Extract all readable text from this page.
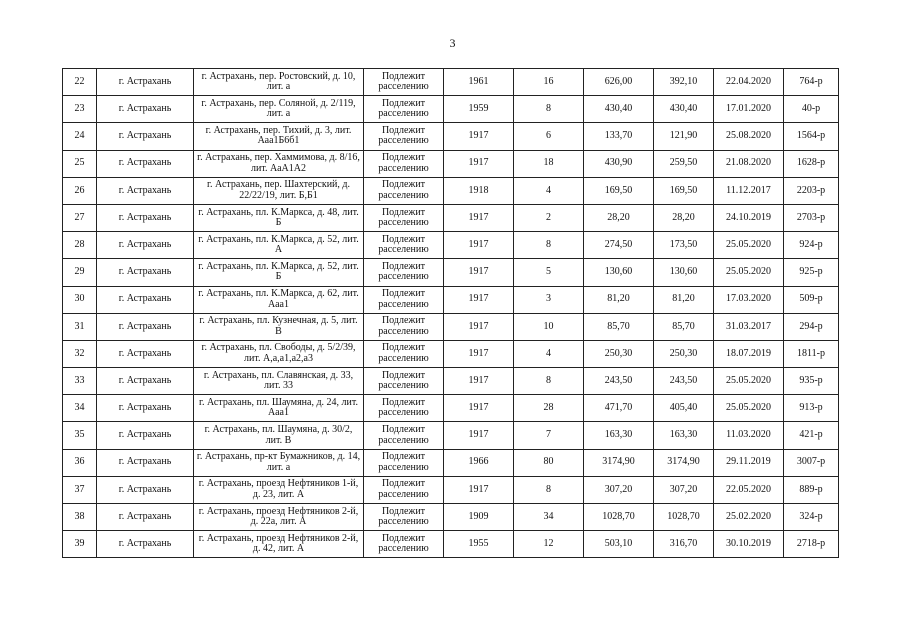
3
22	г. Астрахань	г. Астрахань, пер. Ростовский, д. 10, лит. а	Подлежит расселению	1961	16	626,00	392,10	22.04.2020	764-р
23	г. Астрахань	г. Астрахань, пер. Соляной, д. 2/119, лит. а	Подлежит расселению	1959	8	430,40	430,40	17.01.2020	40-р
24	г. Астрахань	г. Астрахань, пер. Тихий, д. 3, лит. Ааа1Б6б1	Подлежит расселению	1917	6	133,70	121,90	25.08.2020	1564-р
25	г. Астрахань	г. Астрахань, пер. Хаммимова, д. 8/16, лит. АаА1А2	Подлежит расселению	1917	18	430,90	259,50	21.08.2020	1628-р
26	г. Астрахань	г. Астрахань, пер. Шахтерский, д. 22/22/19, лит. Б,Б1	Подлежит расселению	1918	4	169,50	169,50	11.12.2017	2203-р
27	г. Астрахань	г. Астрахань, пл. К.Маркса, д. 48, лит. Б	Подлежит расселению	1917	2	28,20	28,20	24.10.2019	2703-р
28	г. Астрахань	г. Астрахань, пл. К.Маркса, д. 52, лит. А	Подлежит расселению	1917	8	274,50	173,50	25.05.2020	924-р
29	г. Астрахань	г. Астрахань, пл. К.Маркса, д. 52, лит. Б	Подлежит расселению	1917	5	130,60	130,60	25.05.2020	925-р
30	г. Астрахань	г. Астрахань, пл. К.Маркса, д. 62, лит. Ааа1	Подлежит расселению	1917	3	81,20	81,20	17.03.2020	509-р
31	г. Астрахань	г. Астрахань, пл. Кузнечная, д. 5, лит. В	Подлежит расселению	1917	10	85,70	85,70	31.03.2017	294-р
32	г. Астрахань	г. Астрахань, пл. Свободы, д. 5/2/39, лит. А,а,а1,а2,а3	Подлежит расселению	1917	4	250,30	250,30	18.07.2019	1811-р
33	г. Астрахань	г. Астрахань, пл. Славянская, д. 33, лит. 33	Подлежит расселению	1917	8	243,50	243,50	25.05.2020	935-р
34	г. Астрахань	г. Астрахань, пл. Шаумяна, д. 24, лит. Ааа1	Подлежит расселению	1917	28	471,70	405,40	25.05.2020	913-р
35	г. Астрахань	г. Астрахань, пл. Шаумяна, д. 30/2, лит. В	Подлежит расселению	1917	7	163,30	163,30	11.03.2020	421-р
36	г. Астрахань	г. Астрахань, пр-кт Бумажников, д. 14, лит. а	Подлежит расселению	1966	80	3174,90	3174,90	29.11.2019	3007-р
37	г. Астрахань	г. Астрахань, проезд Нефтяников 1-й, д. 23, лит. А	Подлежит расселению	1917	8	307,20	307,20	22.05.2020	889-р
38	г. Астрахань	г. Астрахань, проезд Нефтяников 2-й, д. 22а, лит. А	Подлежит расселению	1909	34	1028,70	1028,70	25.02.2020	324-р
39	г. Астрахань	г. Астрахань, проезд Нефтяников 2-й, д. 42, лит. А	Подлежит расселению	1955	12	503,10	316,70	30.10.2019	2718-р
